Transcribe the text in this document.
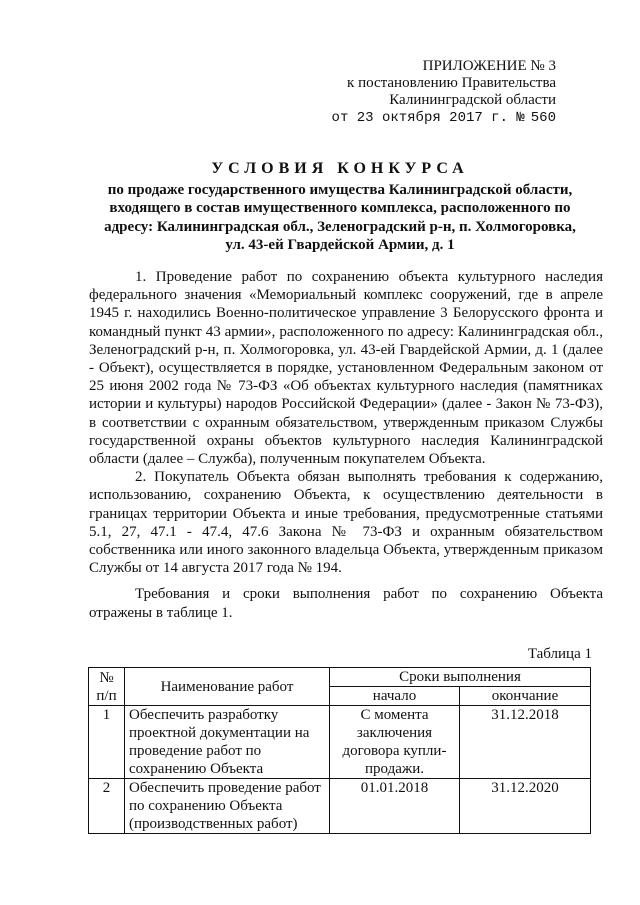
ПРИЛОЖЕНИЕ № 3
к постановлению Правительства
Калининградской области
от 23 октября 2017 г. № 560
УСЛОВИЯ КОНКУРСА
по продаже государственного имущества Калининградской области,
входящего в состав имущественного комплекса, расположенного по
адресу: Калининградская обл., Зеленоградский р-н, п. Холмогоровка,
ул. 43-ей Гвардейской Армии, д. 1

1. Проведение работ по сохранению объекта культурного наследия федерального значения «Мемориальный комплекс сооружений, где в апреле 1945 г. находились Военно-политическое управление 3 Белорусского фронта и командный пункт 43 армии», расположенного по адресу: Калининградская обл., Зеленоградский р-н, п. Холмогоровка, ул. 43-ей Гвардейской Армии, д. 1 (далее - Объект), осуществляется в порядке, установленном Федеральным законом от 25 июня 2002 года № 73-ФЗ «Об объектах культурного наследия (памятниках истории и культуры) народов Российской Федерации» (далее - Закон № 73-ФЗ), в соответствии с охранным обязательством, утвержденным приказом Службы государственной охраны объектов культурного наследия Калининградской области (далее – Служба), полученным покупателем Объекта.

2. Покупатель Объекта обязан выполнять требования к содержанию, использованию, сохранению Объекта, к осуществлению деятельности в границах территории Объекта и иные требования, предусмотренные статьями 5.1, 27, 47.1 - 47.4, 47.6 Закона № 73-ФЗ и охранным обязательством собственника или иного законного владельца Объекта, утвержденным приказом Службы от 14 августа 2017 года № 194.

Требования и сроки выполнения работ по сохранению Объекта отражены в таблице 1.

Таблица 1
№ п/п	Наименование работ	Сроки выполнения	
		начало	окончание
1	Обеспечить разработку проектной документации на проведение работ по сохранению Объекта	С момента заключения договора купли-продажи.	31.12.2018
2	Обеспечить проведение работ по сохранению Объекта (производственных работ)	01.01.2018	31.12.2020
